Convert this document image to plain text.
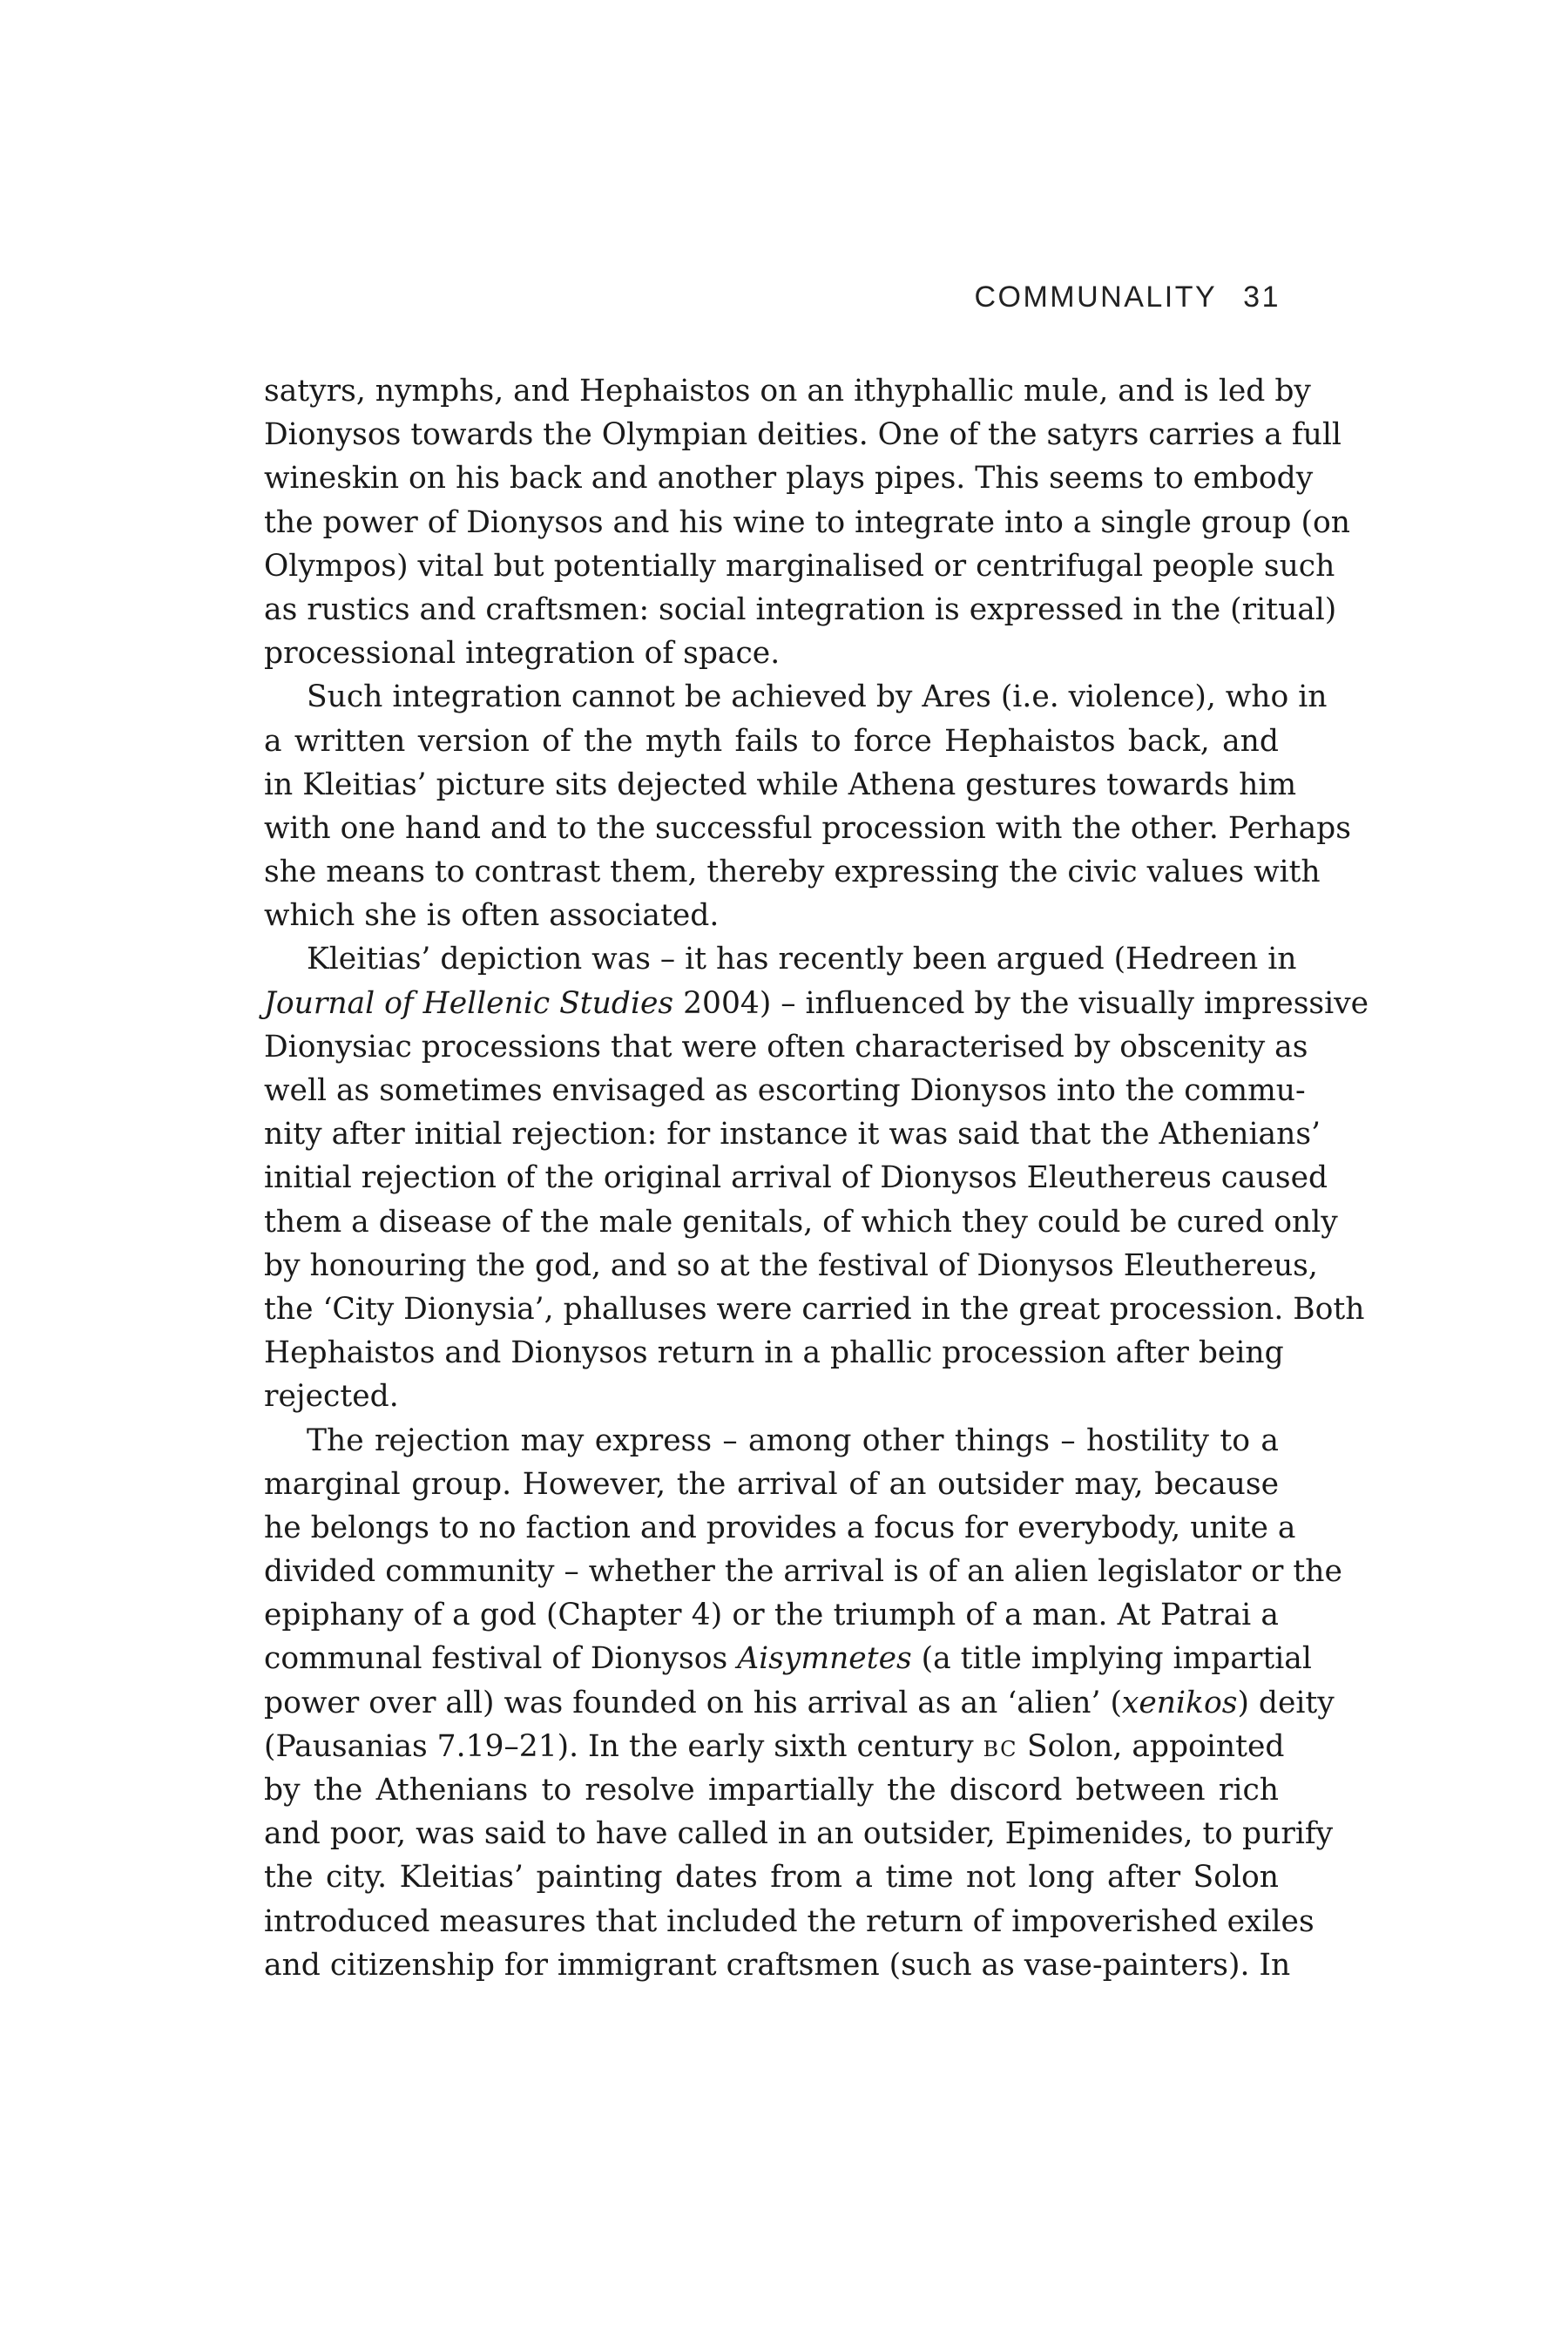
COMMUNALITY 31
satyrs, nymphs, and Hephaistos on an ithyphallic mule, and is led by
Dionysos towards the Olympian deities. One of the satyrs carries a full
wineskin on his back and another plays pipes. This seems to embody
the power of Dionysos and his wine to integrate into a single group (on
Olympos) vital but potentially marginalised or centrifugal people such
as rustics and craftsmen: social integration is expressed in the (ritual)
processional integration of space.
Such integration cannot be achieved by Ares (i.e. violence), who in
a written version of the myth fails to force Hephaistos back, and
in Kleitias’ picture sits dejected while Athena gestures towards him
with one hand and to the successful procession with the other. Perhaps
she means to contrast them, thereby expressing the civic values with
which she is often associated.
Kleitias’ depiction was – it has recently been argued (Hedreen in
Journal of Hellenic Studies 2004) – influenced by the visually impressive
Dionysiac processions that were often characterised by obscenity as
well as sometimes envisaged as escorting Dionysos into the commu-
nity after initial rejection: for instance it was said that the Athenians’
initial rejection of the original arrival of Dionysos Eleuthereus caused
them a disease of the male genitals, of which they could be cured only
by honouring the god, and so at the festival of Dionysos Eleuthereus,
the ‘City Dionysia’, phalluses were carried in the great procession. Both
Hephaistos and Dionysos return in a phallic procession after being
rejected.
The rejection may express – among other things – hostility to a
marginal group. However, the arrival of an outsider may, because
he belongs to no faction and provides a focus for everybody, unite a
divided community – whether the arrival is of an alien legislator or the
epiphany of a god (Chapter 4) or the triumph of a man. At Patrai a
communal festival of Dionysos Aisymnetes (a title implying impartial
power over all) was founded on his arrival as an ‘alien’ (xenikos) deity
(Pausanias 7.19–21). In the early sixth century BC Solon, appointed
by the Athenians to resolve impartially the discord between rich
and poor, was said to have called in an outsider, Epimenides, to purify
the city. Kleitias’ painting dates from a time not long after Solon
introduced measures that included the return of impoverished exiles
and citizenship for immigrant craftsmen (such as vase-painters). In
